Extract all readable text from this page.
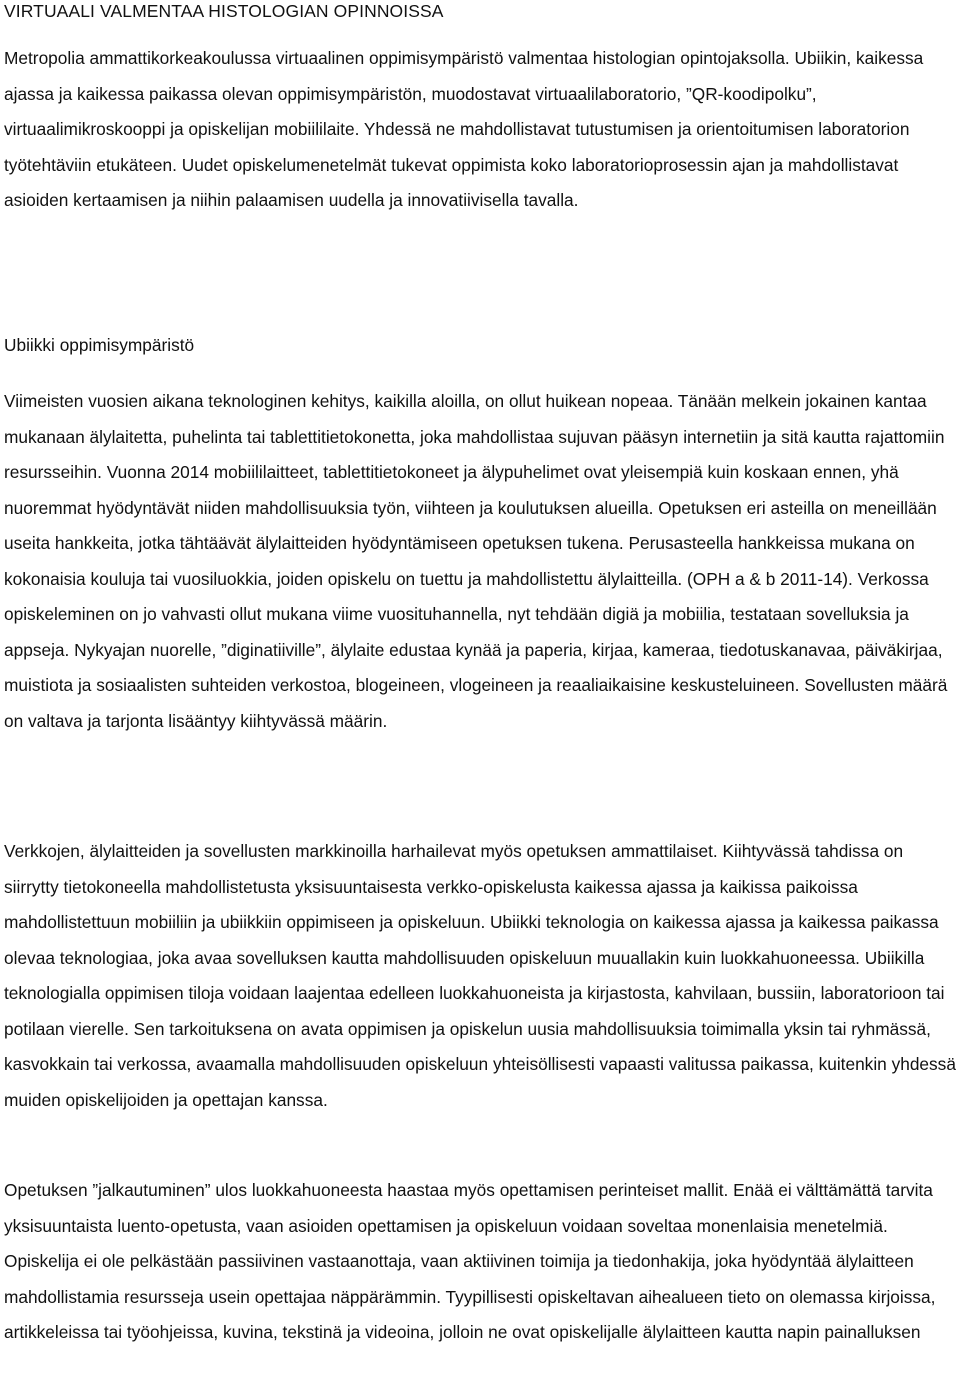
VIRTUAALI VALMENTAA HISTOLOGIAN OPINNOISSA

Metropolia ammattikorkeakoulussa virtuaalinen oppimisympäristö valmentaa histologian opintojaksolla. Ubiikin, kaikessa ajassa ja kaikessa paikassa olevan oppimisympäristön, muodostavat virtuaalilaboratorio, ”QR-koodipolku”, virtuaalimikroskooppi ja opiskelijan mobiililaite. Yhdessä ne mahdollistavat tutustumisen ja orientoitumisen laboratorion työtehtäviin etukäteen. Uudet opiskelumenetelmät tukevat oppimista koko laboratorioprosessin ajan ja mahdollistavat asioiden kertaamisen ja niihin palaamisen uudella ja innovatiivisella tavalla.

Ubiikki oppimisympäristö

Viimeisten vuosien aikana teknologinen kehitys, kaikilla aloilla, on ollut huikean nopeaa. Tänään melkein jokainen kantaa mukanaan älylaitetta, puhelinta tai tablettitietokonetta, joka mahdollistaa sujuvan pääsyn internetiin ja sitä kautta rajattomiin resursseihin. Vuonna 2014 mobiililaitteet, tablettitietokoneet ja älypuhelimet ovat yleisempiä kuin koskaan ennen, yhä nuoremmat hyödyntävät niiden mahdollisuuksia työn, viihteen ja koulutuksen alueilla. Opetuksen eri asteilla on meneillään useita hankkeita, jotka tähtäävät älylaitteiden hyödyntämiseen opetuksen tukena. Perusasteella hankkeissa mukana on kokonaisia kouluja tai vuosiluokkia, joiden opiskelu on tuettu ja mahdollistettu älylaitteilla. (OPH a & b 2011-14). Verkossa opiskeleminen on jo vahvasti ollut mukana viime vuosituhannella, nyt tehdään digiä ja mobiilia, testataan sovelluksia ja appseja. Nykyajan nuorelle, ”diginatiiville”, älylaite edustaa kynää ja paperia, kirjaa, kameraa, tiedotuskanavaa, päiväkirjaa, muistiota ja sosiaalisten suhteiden verkostoa, blogeineen, vlogeineen ja reaaliaikaisine keskusteluineen. Sovellusten määrä on valtava ja tarjonta lisääntyy kiihtyvässä määrin.

Verkkojen, älylaitteiden ja sovellusten markkinoilla harhailevat myös opetuksen ammattilaiset. Kiihtyvässä tahdissa on siirrytty tietokoneella mahdollistetusta yksisuuntaisesta verkko-opiskelusta kaikessa ajassa ja kaikissa paikoissa mahdollistettuun mobiiliin ja ubiikkiin oppimiseen ja opiskeluun. Ubiikki teknologia on kaikessa ajassa ja kaikessa paikassa olevaa teknologiaa, joka avaa sovelluksen kautta mahdollisuuden opiskeluun muuallakin kuin luokkahuoneessa. Ubiikilla teknologialla oppimisen tiloja voidaan laajentaa edelleen luokkahuoneista ja kirjastosta, kahvilaan, bussiin, laboratorioon tai potilaan vierelle. Sen tarkoituksena on avata oppimisen ja opiskelun uusia mahdollisuuksia toimimalla yksin tai ryhmässä, kasvokkain tai verkossa, avaamalla mahdollisuuden opiskeluun yhteisöllisesti vapaasti valitussa paikassa, kuitenkin yhdessä muiden opiskelijoiden ja opettajan kanssa.

Opetuksen ”jalkautuminen” ulos luokkahuoneesta haastaa myös opettamisen perinteiset mallit. Enää ei välttämättä tarvita yksisuuntaista luento-opetusta, vaan asioiden opettamisen ja opiskeluun voidaan soveltaa monenlaisia menetelmiä. Opiskelija ei ole pelkästään passiivinen vastaanottaja, vaan aktiivinen toimija ja tiedonhakija, joka hyödyntää älylaitteen mahdollistamia resursseja usein opettajaa näppärämmin. Tyypillisesti opiskeltavan aihealueen tieto on olemassa kirjoissa, artikkeleissa tai työohjeissa, kuvina, tekstinä ja videoina, jolloin ne ovat opiskelijalle älylaitteen kautta napin painalluksen
